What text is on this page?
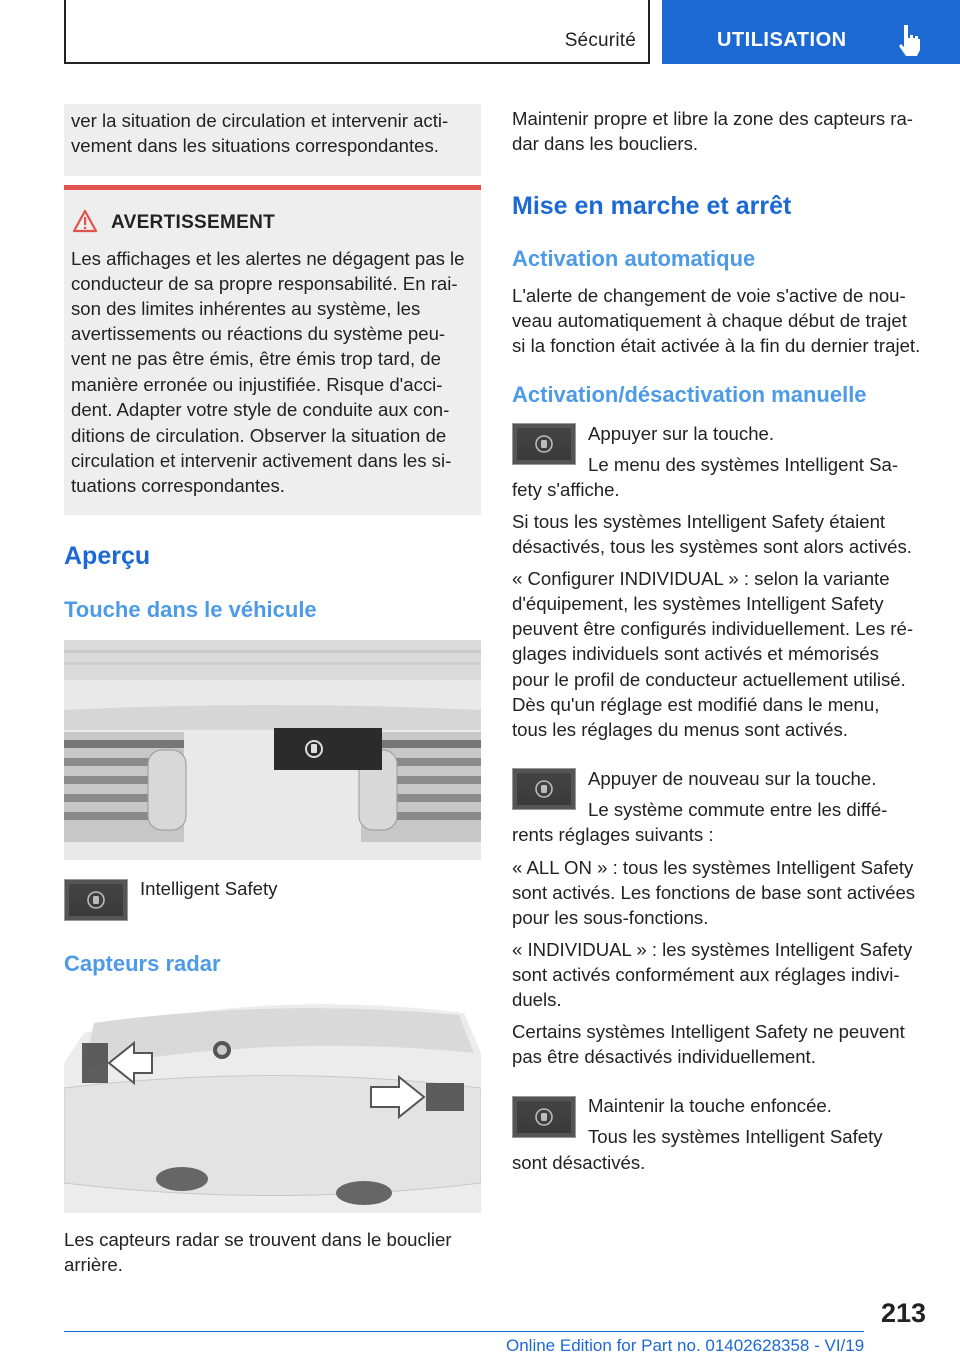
Sécurité	UTILISATION
ver la situation de circulation et intervenir acti-
vement dans les situations correspondantes.
AVERTISSEMENT
Les affichages et les alertes ne dégagent pas le
conducteur de sa propre responsabilité. En rai-
son des limites inhérentes au système, les
avertissements ou réactions du système peu-
vent ne pas être émis, être émis trop tard, de
manière erronée ou injustifiée. Risque d'acci-
dent. Adapter votre style de conduite aux con-
ditions de circulation. Observer la situation de
circulation et intervenir activement dans les si-
tuations correspondantes.
Aperçu
Touche dans le véhicule
Intelligent Safety
Capteurs radar
Les capteurs radar se trouvent dans le bouclier
arrière.
Maintenir propre et libre la zone des capteurs ra-
dar dans les boucliers.
Mise en marche et arrêt
Activation automatique
L'alerte de changement de voie s'active de nou-
veau automatiquement à chaque début de trajet
si la fonction était activée à la fin du dernier trajet.
Activation/désactivation manuelle
Appuyer sur la touche.
Le menu des systèmes Intelligent Sa-
fety s'affiche.
Si tous les systèmes Intelligent Safety étaient
désactivés, tous les systèmes sont alors activés.
« Configurer INDIVIDUAL » : selon la variante
d'équipement, les systèmes Intelligent Safety
peuvent être configurés individuellement. Les ré-
glages individuels sont activés et mémorisés
pour le profil de conducteur actuellement utilisé.
Dès qu'un réglage est modifié dans le menu,
tous les réglages du menus sont activés.
Appuyer de nouveau sur la touche.
Le système commute entre les diffé-
rents réglages suivants :
« ALL ON » : tous les systèmes Intelligent Safety
sont activés. Les fonctions de base sont activées
pour les sous-fonctions.
« INDIVIDUAL » : les systèmes Intelligent Safety
sont activés conformément aux réglages indivi-
duels.
Certains systèmes Intelligent Safety ne peuvent
pas être désactivés individuellement.
Maintenir la touche enfoncée.
Tous les systèmes Intelligent Safety
sont désactivés.
213
Online Edition for Part no. 01402628358 - VI/19
